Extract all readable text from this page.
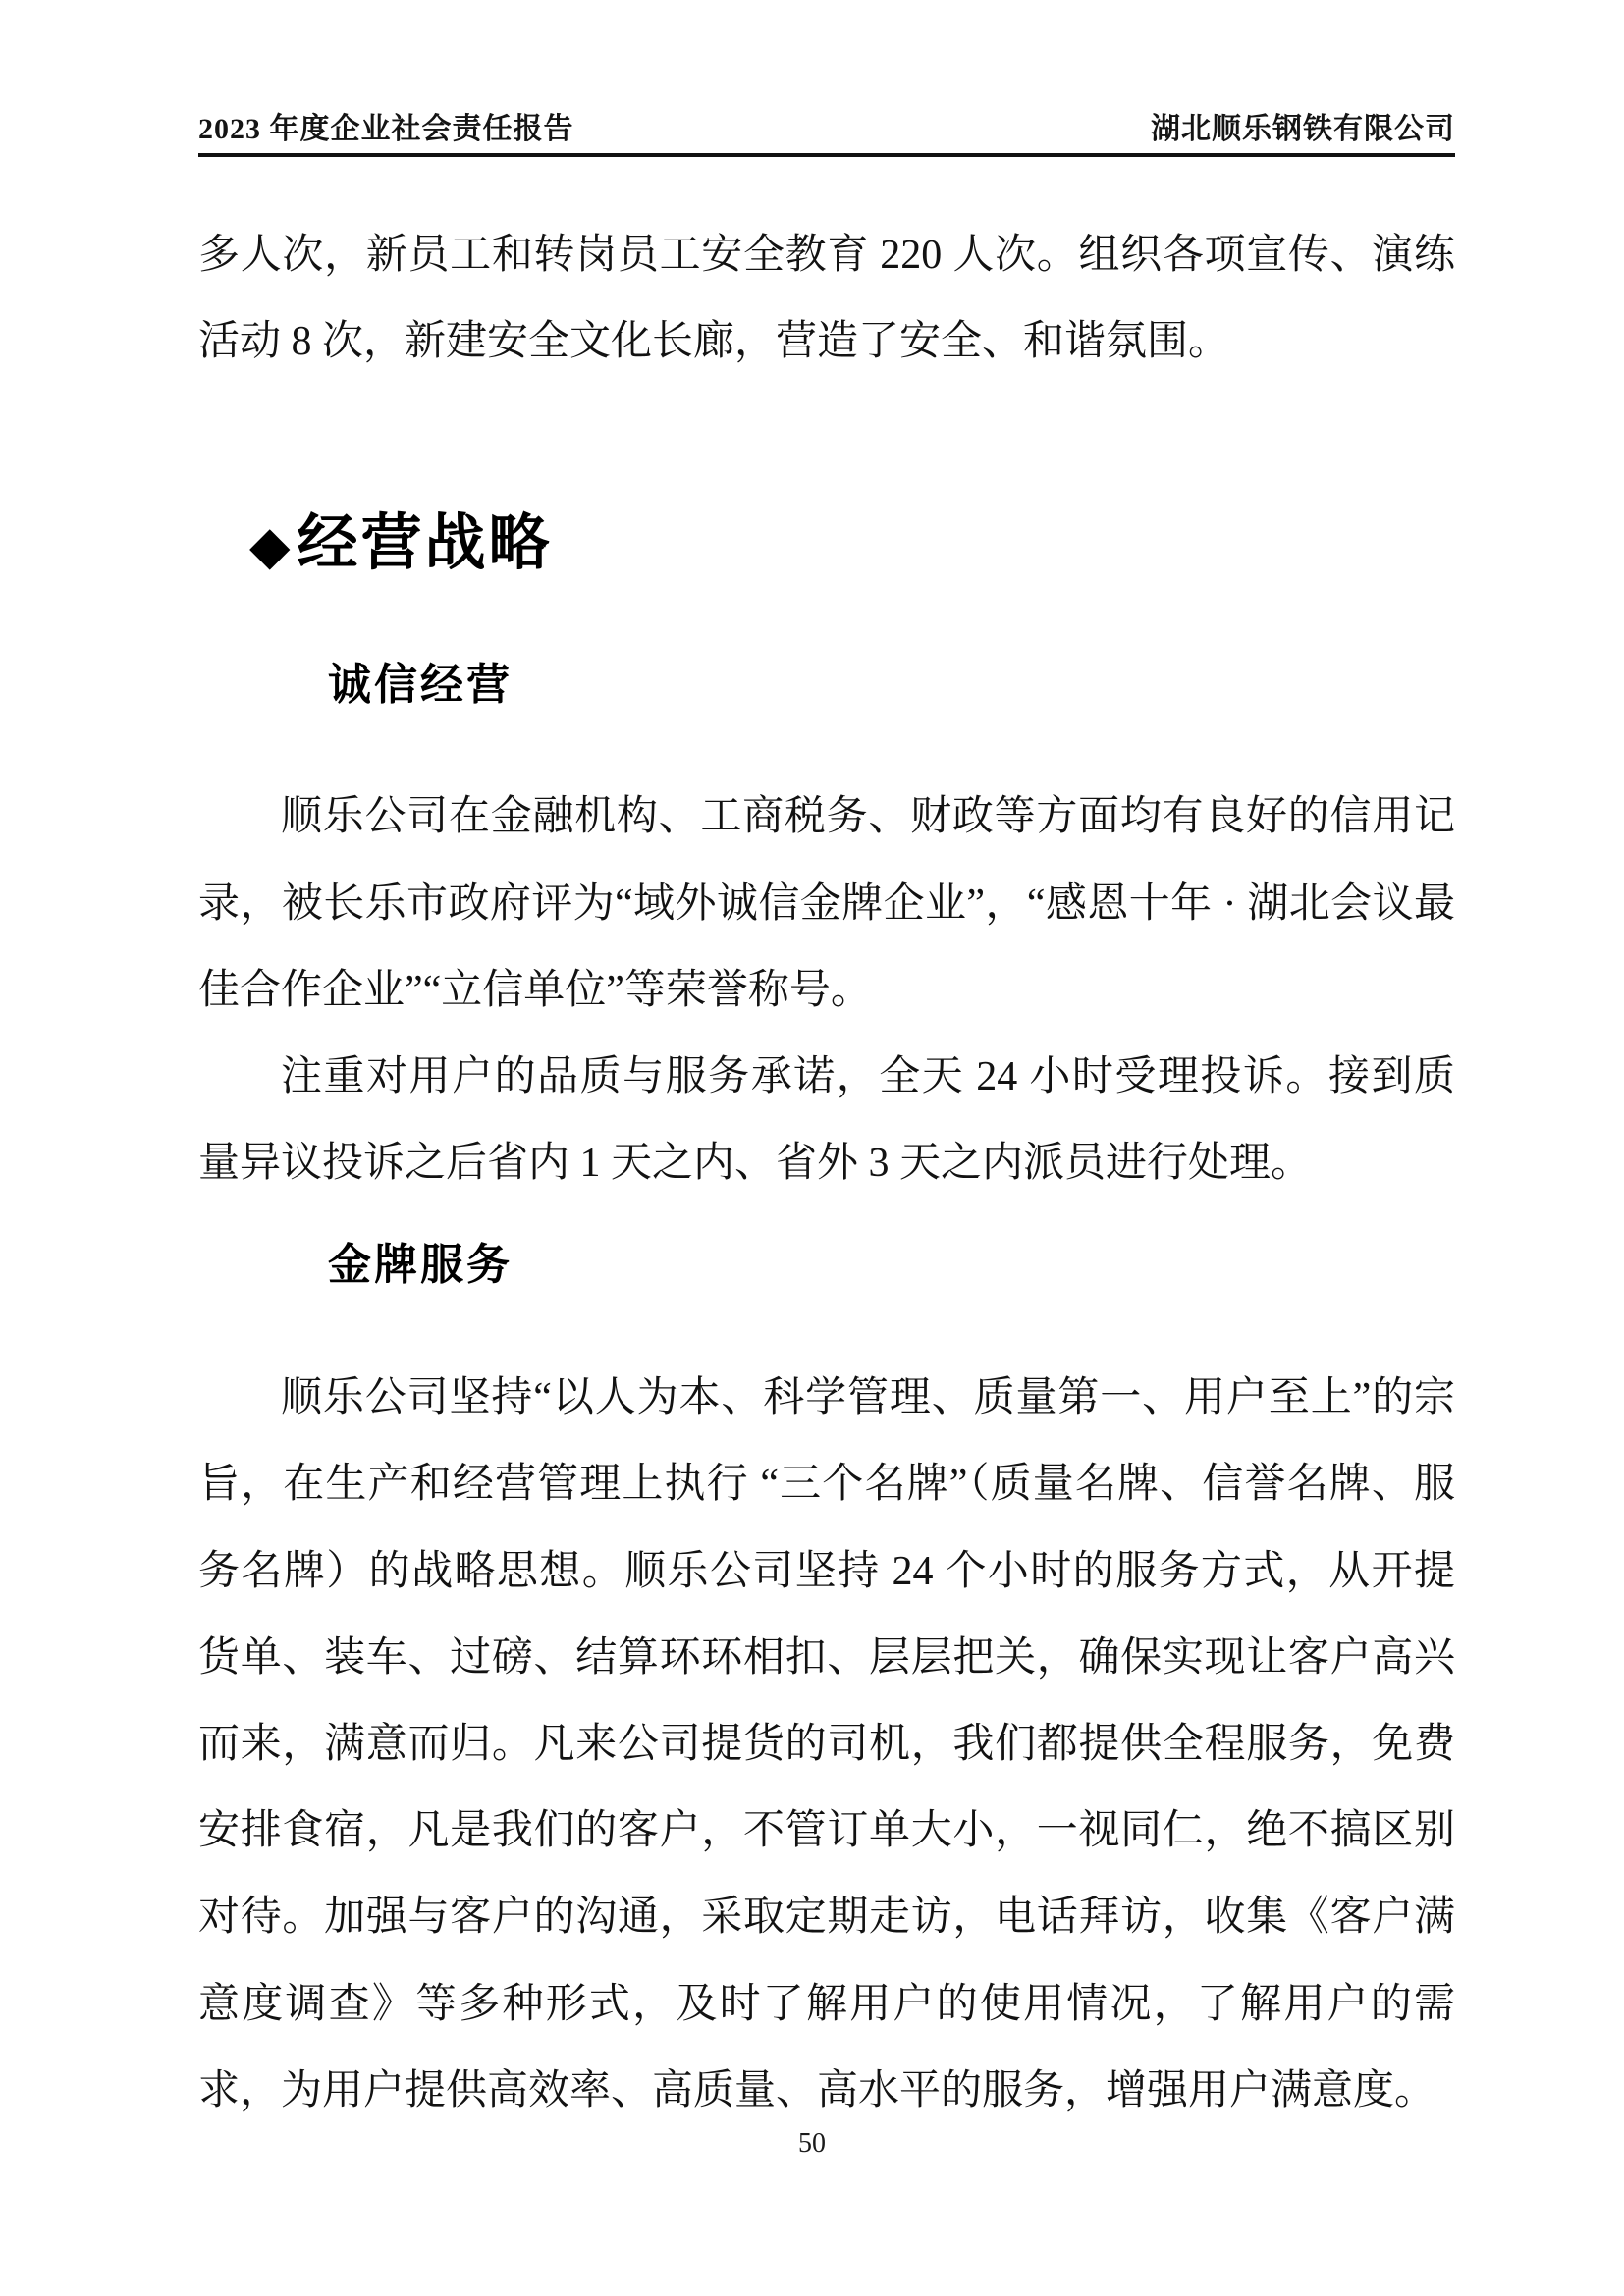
2023 年度企业社会责任报告	湖北顺乐钢铁有限公司

多人次，新员工和转岗员工安全教育 220 人次。组织各项宣传、演练活动 8 次，新建安全文化长廊，营造了安全、和谐氛围。

◆ 经营战略
诚信经营

顺乐公司在金融机构、工商税务、财政等方面均有良好的信用记录，被长乐市政府评为“域外诚信金牌企业”，“感恩十年 · 湖北会议最佳合作企业”“立信单位”等荣誉称号。

注重对用户的品质与服务承诺，全天 24 小时受理投诉。接到质量异议投诉之后省内 1 天之内、省外 3 天之内派员进行处理。

金牌服务

顺乐公司坚持“以人为本、科学管理、质量第一、用户至上”的宗旨，在生产和经营管理上执行 “三个名牌”（质量名牌、信誉名牌、服务名牌）的战略思想。顺乐公司坚持 24 个小时的服务方式，从开提货单、装车、过磅、结算环环相扣、层层把关，确保实现让客户高兴而来，满意而归。凡来公司提货的司机，我们都提供全程服务，免费安排食宿，凡是我们的客户，不管订单大小，一视同仁，绝不搞区别对待。加强与客户的沟通，采取定期走访，电话拜访，收集《客户满意度调查》等多种形式，及时了解用户的使用情况，了解用户的需求，为用户提供高效率、高质量、高水平的服务，增强用户满意度。

50
